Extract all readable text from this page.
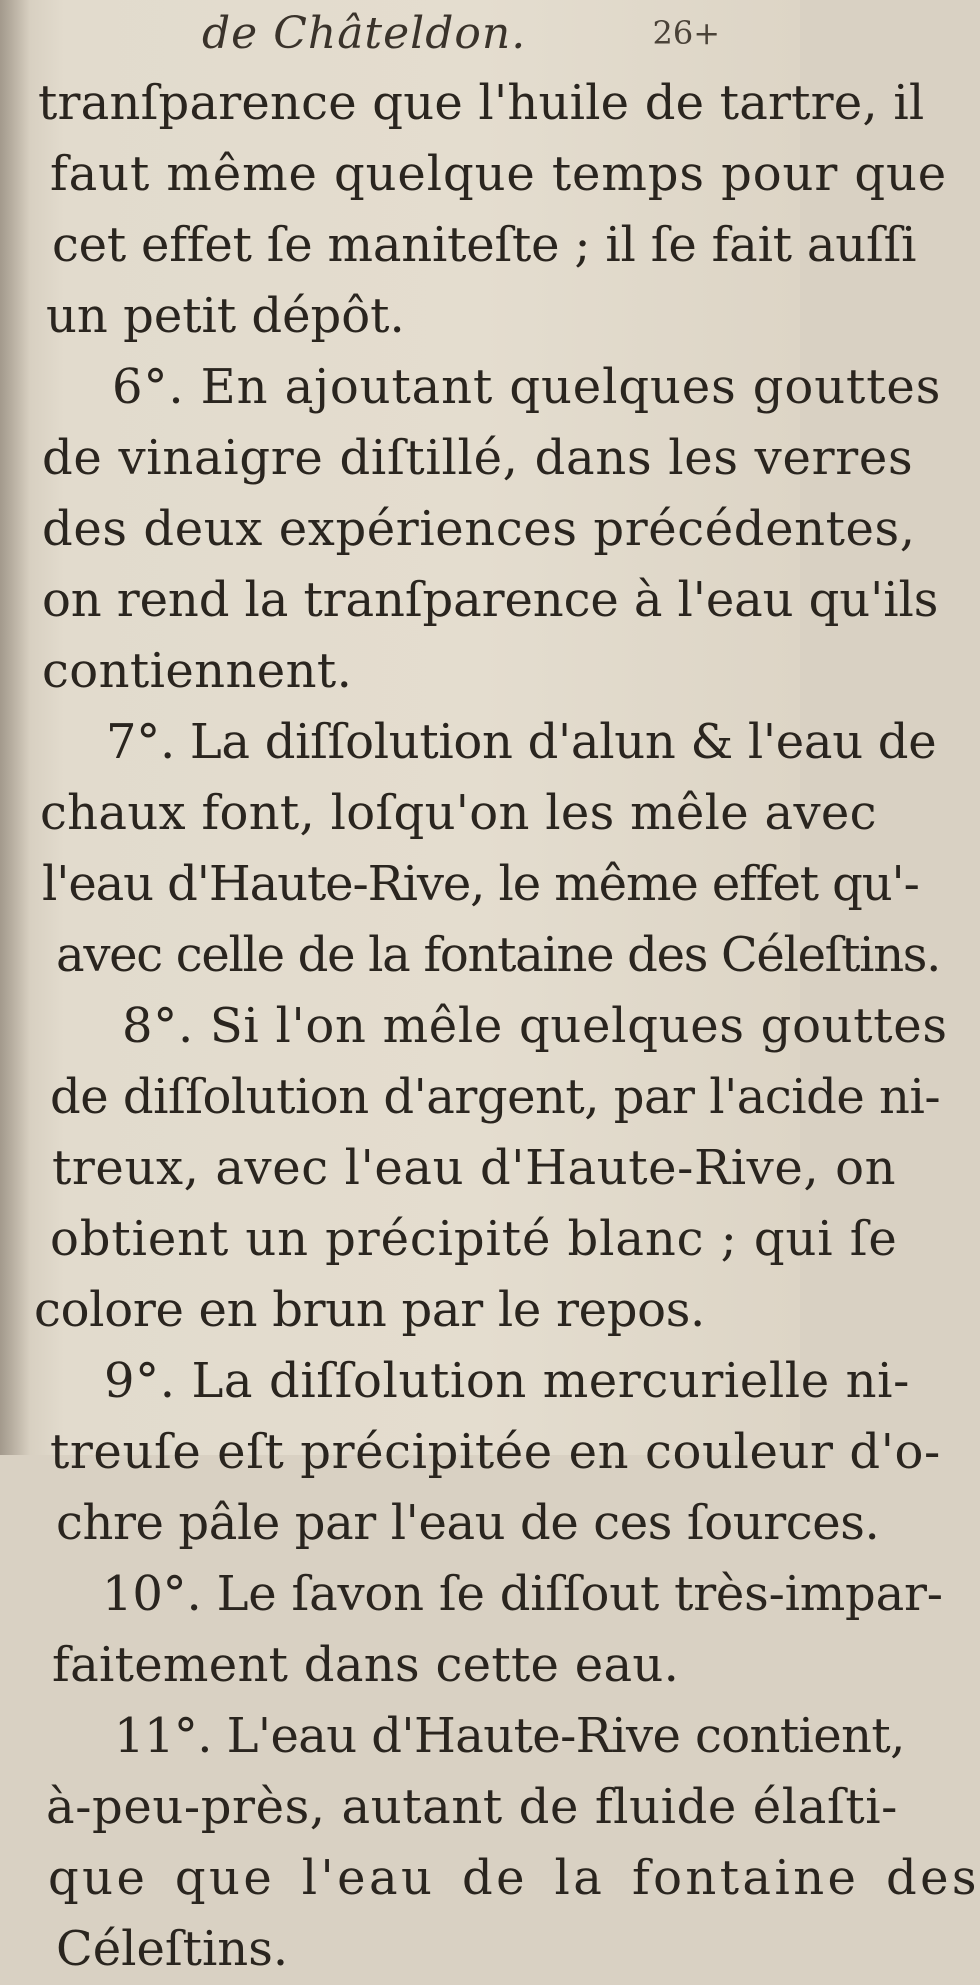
de Châteldon.	26+
tranſparence que l'huile de tartre, il
faut même quelque temps pour que
cet effet ſe maniteſte ; il ſe fait auſſi
un petit dépôt.
6°. En ajoutant quelques gouttes
de vinaigre diſtillé, dans les verres
des deux expériences précédentes,
on rend la tranſparence à l'eau qu'ils
contiennent.
7°. La diſſolution d'alun & l'eau de
chaux font, loſqu'on les mêle avec
l'eau d'Haute-Rive, le même effet qu'-
avec celle de la fontaine des Céleſtins.
8°. Si l'on mêle quelques gouttes
de diſſolution d'argent, par l'acide ni-
treux, avec l'eau d'Haute-Rive, on
obtient un précipité blanc ; qui ſe
colore en brun par le repos.
9°. La diſſolution mercurielle ni-
treuſe eſt précipitée en couleur d'o-
chre pâle par l'eau de ces ſources.
10°. Le ſavon ſe diſſout très-impar-
faitement dans cette eau.
11°. L'eau d'Haute-Rive contient,
à-peu-près, autant de fluide élaſti-
que que l'eau de la fontaine des
Céleſtins.
